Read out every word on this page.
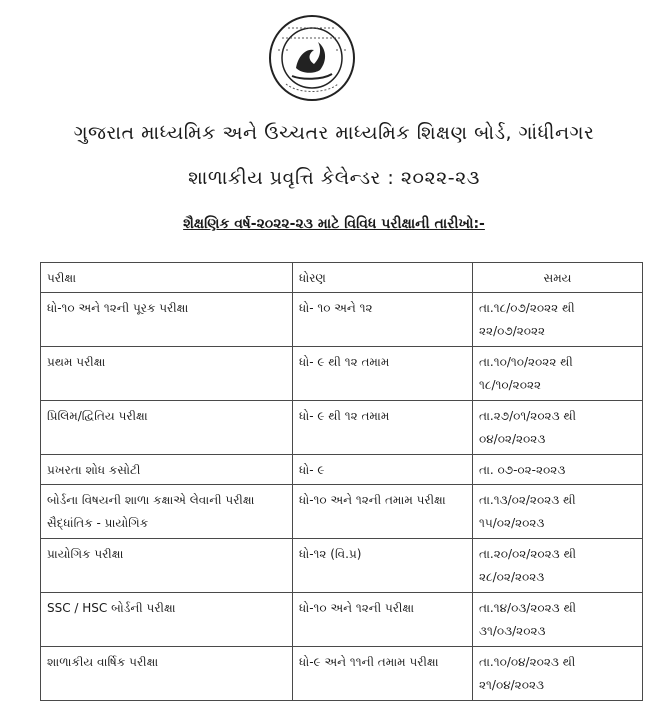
ગુજરાત માધ્યમિક અને ઉચ્ચતર માધ્યમિક શિક્ષણ બોર્ડ, ગાંધીનગર
શાળાકીય પ્રવૃત્તિ કેલેન્ડર : ૨૦૨૨-૨૩
શૈક્ષણિક વર્ષ-૨૦૨૨-૨૩ માટે વિવિધ પરીક્ષાની તારીખો:-
પરીક્ષા	ધોરણ	સમય
ધો-૧૦ અને ૧૨ની પૂરક પરીક્ષા	ધો- ૧૦ અને ૧૨	તા.૧૮/૦૭/૨૦૨૨ થી
૨૨/૦૭/૨૦૨૨

પ્રથમ પરીક્ષા	ધો- ૯ થી ૧૨ તમામ	તા.૧૦/૧૦/૨૦૨૨ થી
૧૮/૧૦/૨૦૨૨

પ્રિલિમ/દ્વિતિય પરીક્ષા	ધો- ૯ થી ૧૨ તમામ	તા.૨૭/૦૧/૨૦૨૩ થી
૦૪/૦૨/૨૦૨૩

પ્રખરતા શોધ કસોટી	ધો- ૯	તા. ૦૭-૦૨-૨૦૨૩
બોર્ડના વિષયની શાળા કક્ષાએ લેવાની પરીક્ષા સૈદ્ધાંતિક - પ્રાયોગિક	ધો-૧૦ અને ૧૨ની તમામ પરીક્ષા	તા.૧૩/૦૨/૨૦૨૩ થી
૧૫/૦૨/૨૦૨૩

પ્રાયોગિક પરીક્ષા	ધો-૧૨ (વિ.પ્ર)	તા.૨૦/૦૨/૨૦૨૩ થી
૨૮/૦૨/૨૦૨૩

SSC / HSC બોર્ડની પરીક્ષા	ધો-૧૦ અને ૧૨ની પરીક્ષા	તા.૧૪/૦૩/૨૦૨૩ થી
૩૧/૦૩/૨૦૨૩

શાળાકીય વાર્ષિક પરીક્ષા	ધો-૯ અને ૧૧ની તમામ પરીક્ષા	તા.૧૦/૦૪/૨૦૨૩ થી
૨૧/૦૪/૨૦૨૩
